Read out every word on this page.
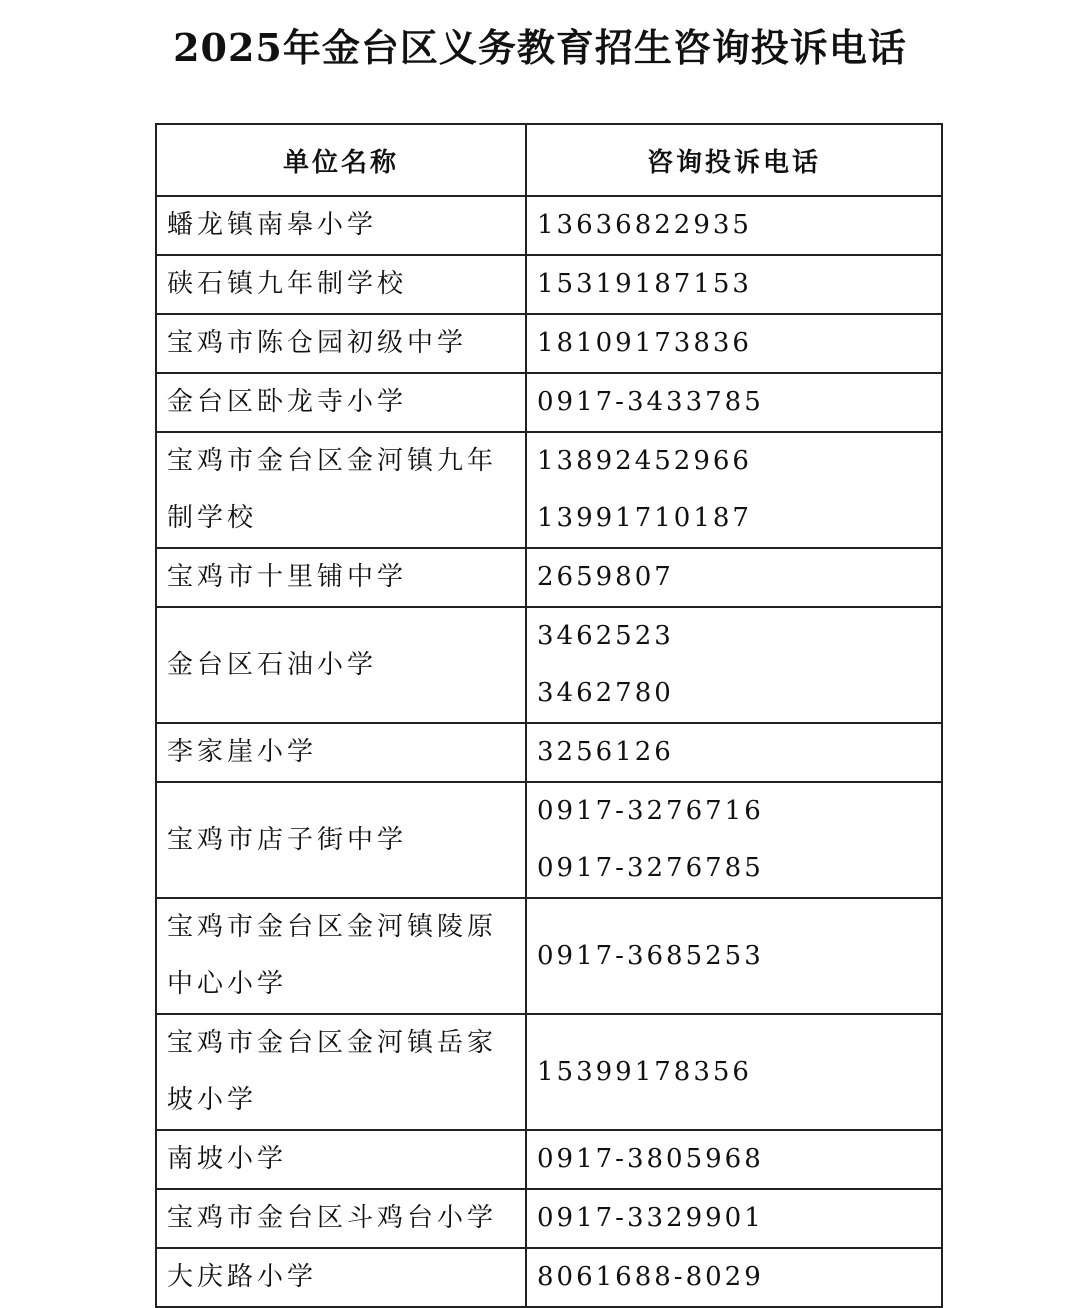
2025年金台区义务教育招生咨询投诉电话
单位名称	咨询投诉电话
蟠龙镇南皋小学	13636822935

硖石镇九年制学校	15319187153

宝鸡市陈仓园初级中学	18109173836

金台区卧龙寺小学	0917-3433785

宝鸡市金台区金河镇九年制学校	13892452966
13991710187

宝鸡市十里铺中学	2659807

金台区石油小学	3462523
3462780

李家崖小学	3256126

宝鸡市店子街中学	0917-3276716
0917-3276785

宝鸡市金台区金河镇陵原中心小学	0917-3685253

宝鸡市金台区金河镇岳家坡小学	15399178356

南坡小学	0917-3805968

宝鸡市金台区斗鸡台小学	0917-3329901

大庆路小学	8061688-8029
